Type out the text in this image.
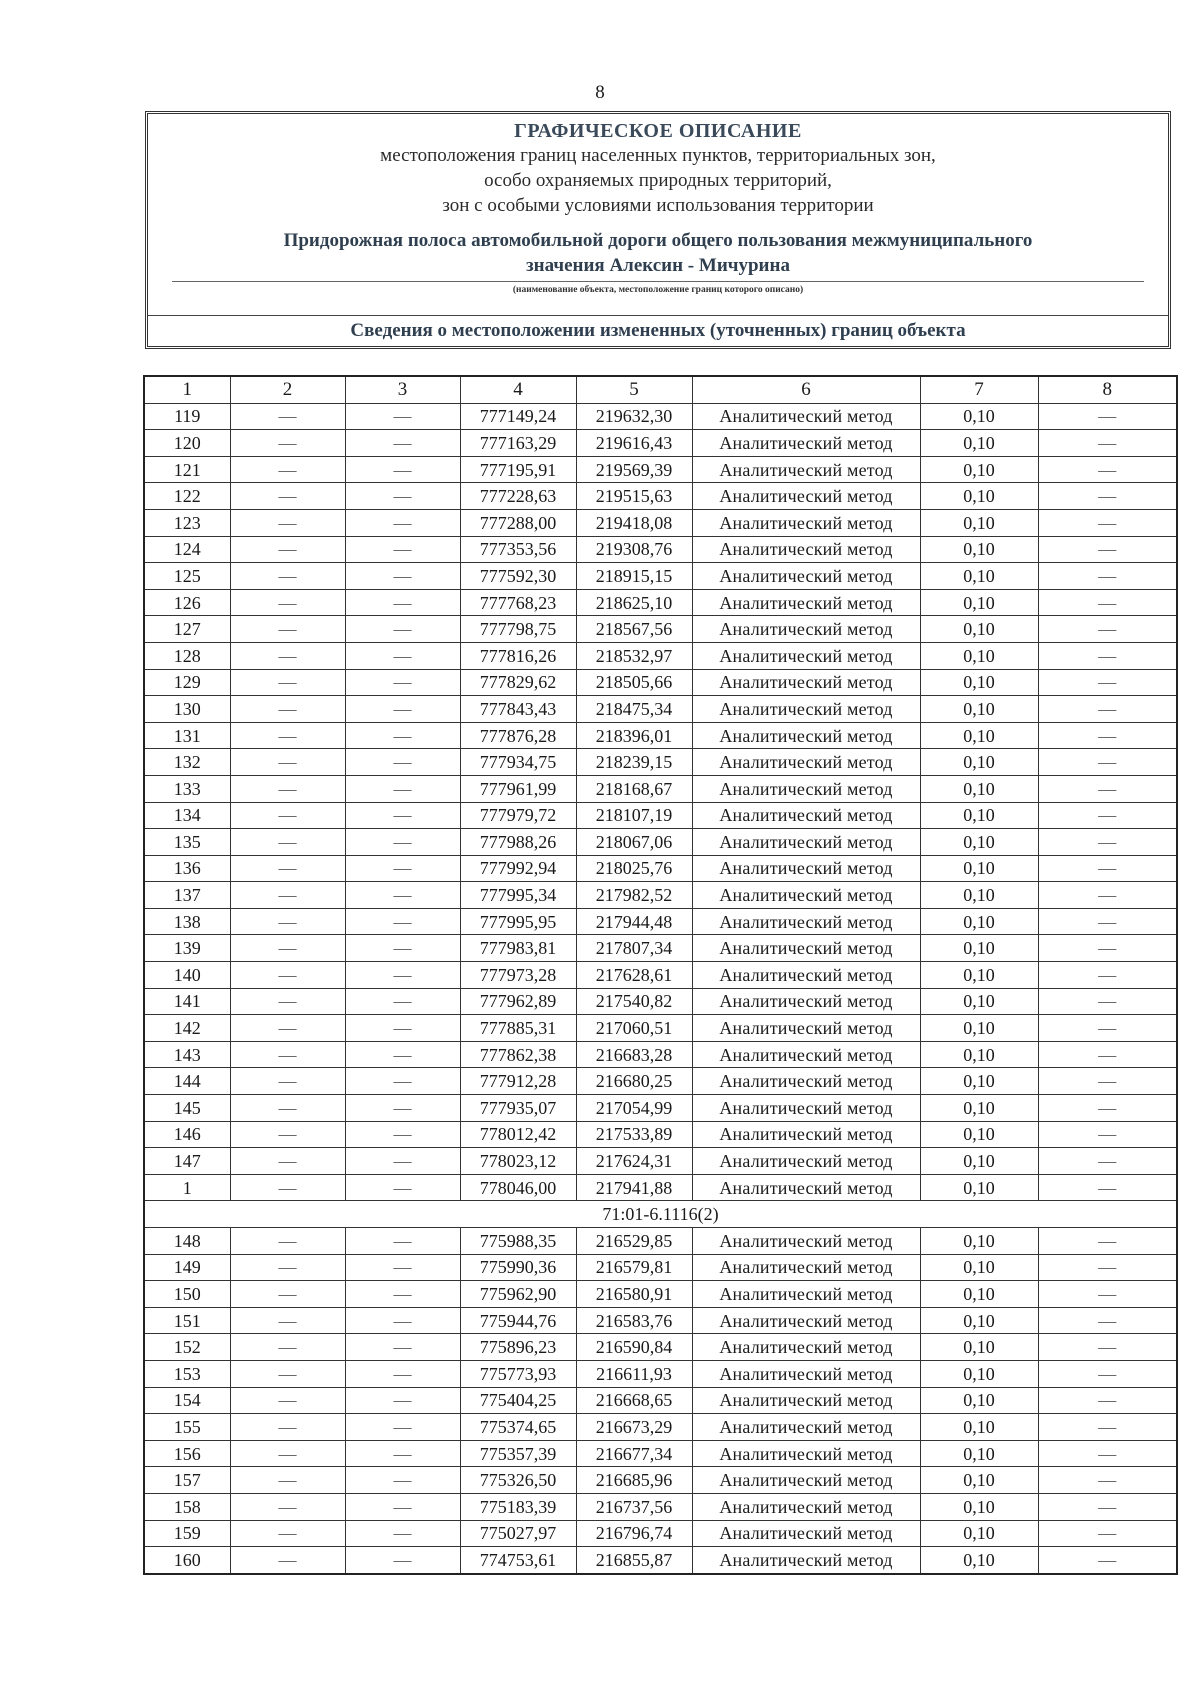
8
ГРАФИЧЕСКОЕ ОПИСАНИЕ
местоположения границ населенных пунктов, территориальных зон,
особо охраняемых природных территорий,
зон с особыми условиями использования территории
Придорожная полоса автомобильной дороги общего пользования межмуниципального
значения Алексин - Мичурина
(наименование объекта, местоположение границ которого описано)
Сведения о местоположении измененных (уточненных) границ объекта
1	2	3	4	5	6	7	8
119	—	—	777149,24	219632,30	Аналитический метод	0,10	—
120	—	—	777163,29	219616,43	Аналитический метод	0,10	—
121	—	—	777195,91	219569,39	Аналитический метод	0,10	—
122	—	—	777228,63	219515,63	Аналитический метод	0,10	—
123	—	—	777288,00	219418,08	Аналитический метод	0,10	—
124	—	—	777353,56	219308,76	Аналитический метод	0,10	—
125	—	—	777592,30	218915,15	Аналитический метод	0,10	—
126	—	—	777768,23	218625,10	Аналитический метод	0,10	—
127	—	—	777798,75	218567,56	Аналитический метод	0,10	—
128	—	—	777816,26	218532,97	Аналитический метод	0,10	—
129	—	—	777829,62	218505,66	Аналитический метод	0,10	—
130	—	—	777843,43	218475,34	Аналитический метод	0,10	—
131	—	—	777876,28	218396,01	Аналитический метод	0,10	—
132	—	—	777934,75	218239,15	Аналитический метод	0,10	—
133	—	—	777961,99	218168,67	Аналитический метод	0,10	—
134	—	—	777979,72	218107,19	Аналитический метод	0,10	—
135	—	—	777988,26	218067,06	Аналитический метод	0,10	—
136	—	—	777992,94	218025,76	Аналитический метод	0,10	—
137	—	—	777995,34	217982,52	Аналитический метод	0,10	—
138	—	—	777995,95	217944,48	Аналитический метод	0,10	—
139	—	—	777983,81	217807,34	Аналитический метод	0,10	—
140	—	—	777973,28	217628,61	Аналитический метод	0,10	—
141	—	—	777962,89	217540,82	Аналитический метод	0,10	—
142	—	—	777885,31	217060,51	Аналитический метод	0,10	—
143	—	—	777862,38	216683,28	Аналитический метод	0,10	—
144	—	—	777912,28	216680,25	Аналитический метод	0,10	—
145	—	—	777935,07	217054,99	Аналитический метод	0,10	—
146	—	—	778012,42	217533,89	Аналитический метод	0,10	—
147	—	—	778023,12	217624,31	Аналитический метод	0,10	—
1	—	—	778046,00	217941,88	Аналитический метод	0,10	—
71:01-6.1116(2)							
148	—	—	775988,35	216529,85	Аналитический метод	0,10	—
149	—	—	775990,36	216579,81	Аналитический метод	0,10	—
150	—	—	775962,90	216580,91	Аналитический метод	0,10	—
151	—	—	775944,76	216583,76	Аналитический метод	0,10	—
152	—	—	775896,23	216590,84	Аналитический метод	0,10	—
153	—	—	775773,93	216611,93	Аналитический метод	0,10	—
154	—	—	775404,25	216668,65	Аналитический метод	0,10	—
155	—	—	775374,65	216673,29	Аналитический метод	0,10	—
156	—	—	775357,39	216677,34	Аналитический метод	0,10	—
157	—	—	775326,50	216685,96	Аналитический метод	0,10	—
158	—	—	775183,39	216737,56	Аналитический метод	0,10	—
159	—	—	775027,97	216796,74	Аналитический метод	0,10	—
160	—	—	774753,61	216855,87	Аналитический метод	0,10	—
